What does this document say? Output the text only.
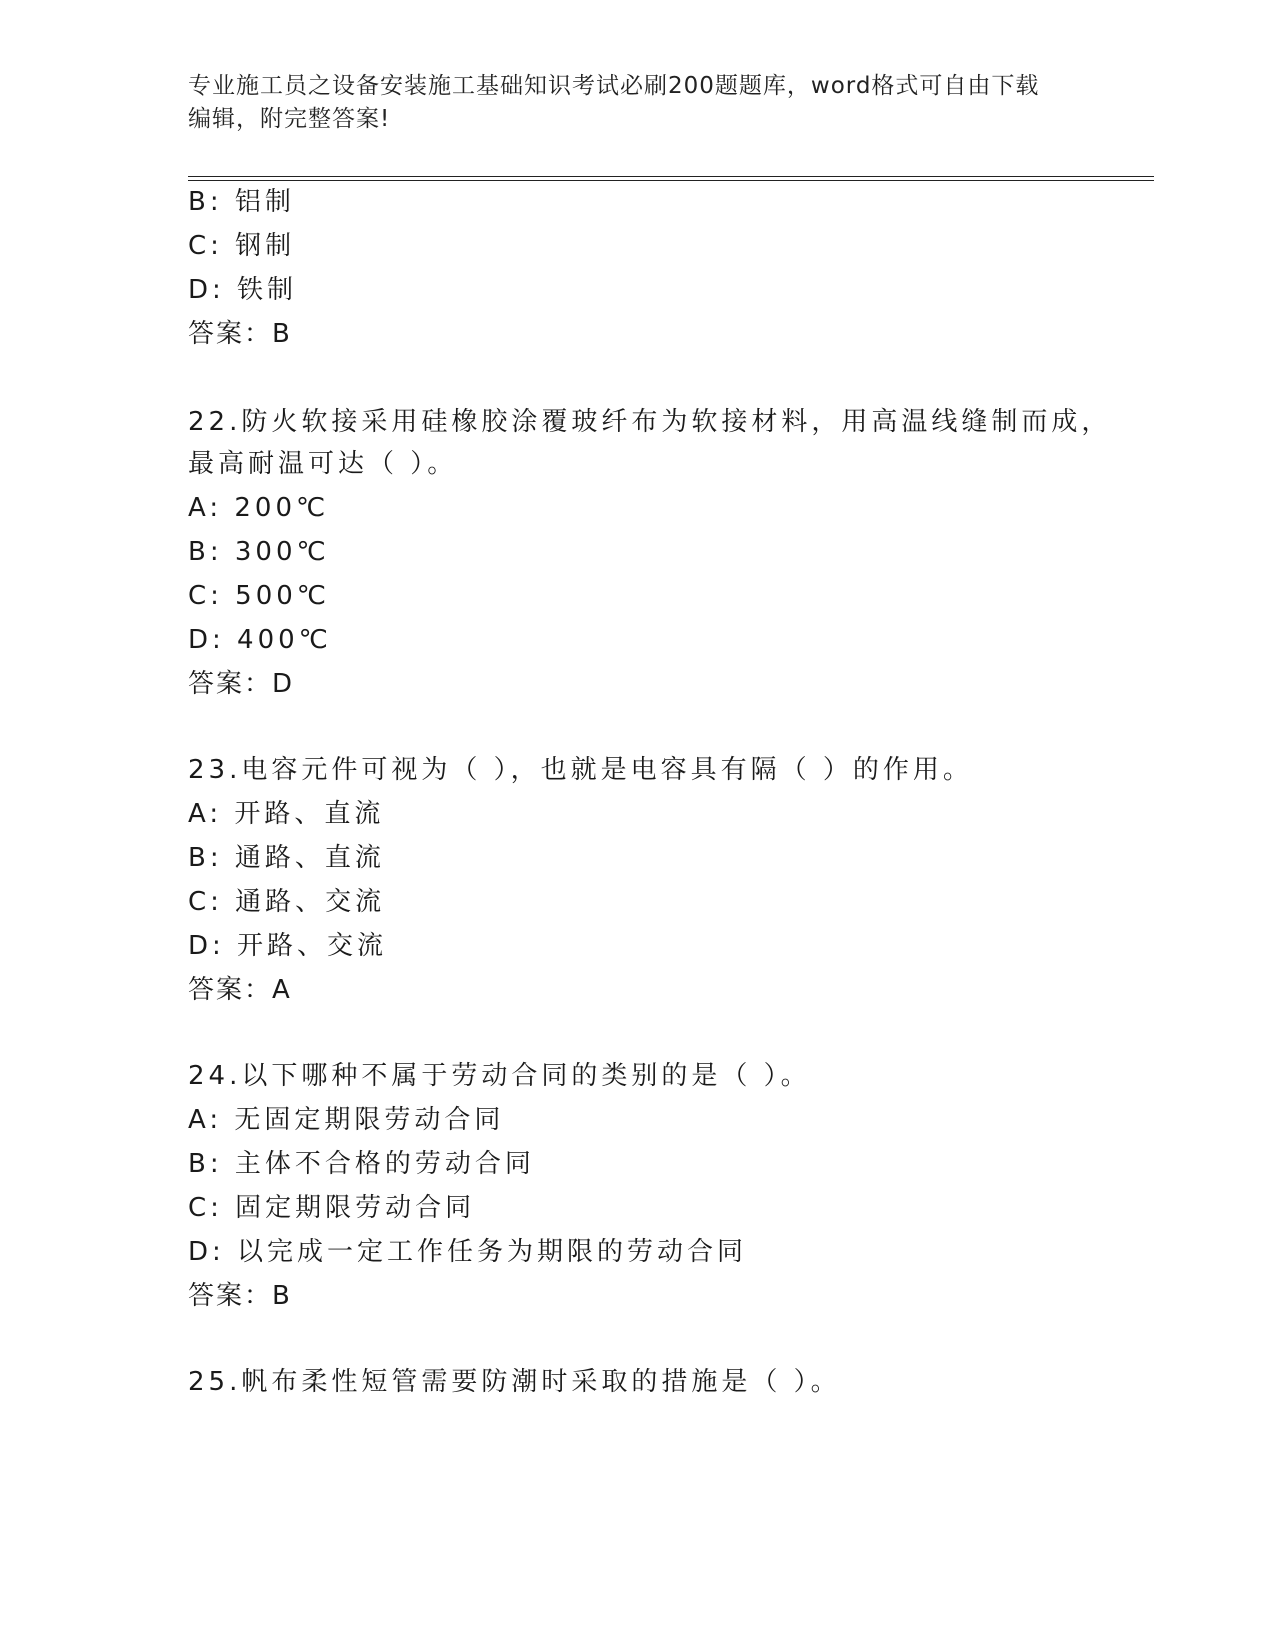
专业施工员之设备安装施工基础知识考试必刷200题题库，word格式可自由下载
编辑，附完整答案!
B: 铝制
C: 钢制
D: 铁制
答案：B
22.防火软接采用硅橡胶涂覆玻纤布为软接材料，用高温线缝制而成，
最高耐温可达（ ）。
A: 200℃
B: 300℃
C: 500℃
D: 400℃
答案：D
23.电容元件可视为（ ），也就是电容具有隔（ ）的作用。
A: 开路、直流
B: 通路、直流
C: 通路、交流
D: 开路、交流
答案：A
24.以下哪种不属于劳动合同的类别的是（ ）。
A: 无固定期限劳动合同
B: 主体不合格的劳动合同
C: 固定期限劳动合同
D: 以完成一定工作任务为期限的劳动合同
答案：B
25.帆布柔性短管需要防潮时采取的措施是（ ）。
